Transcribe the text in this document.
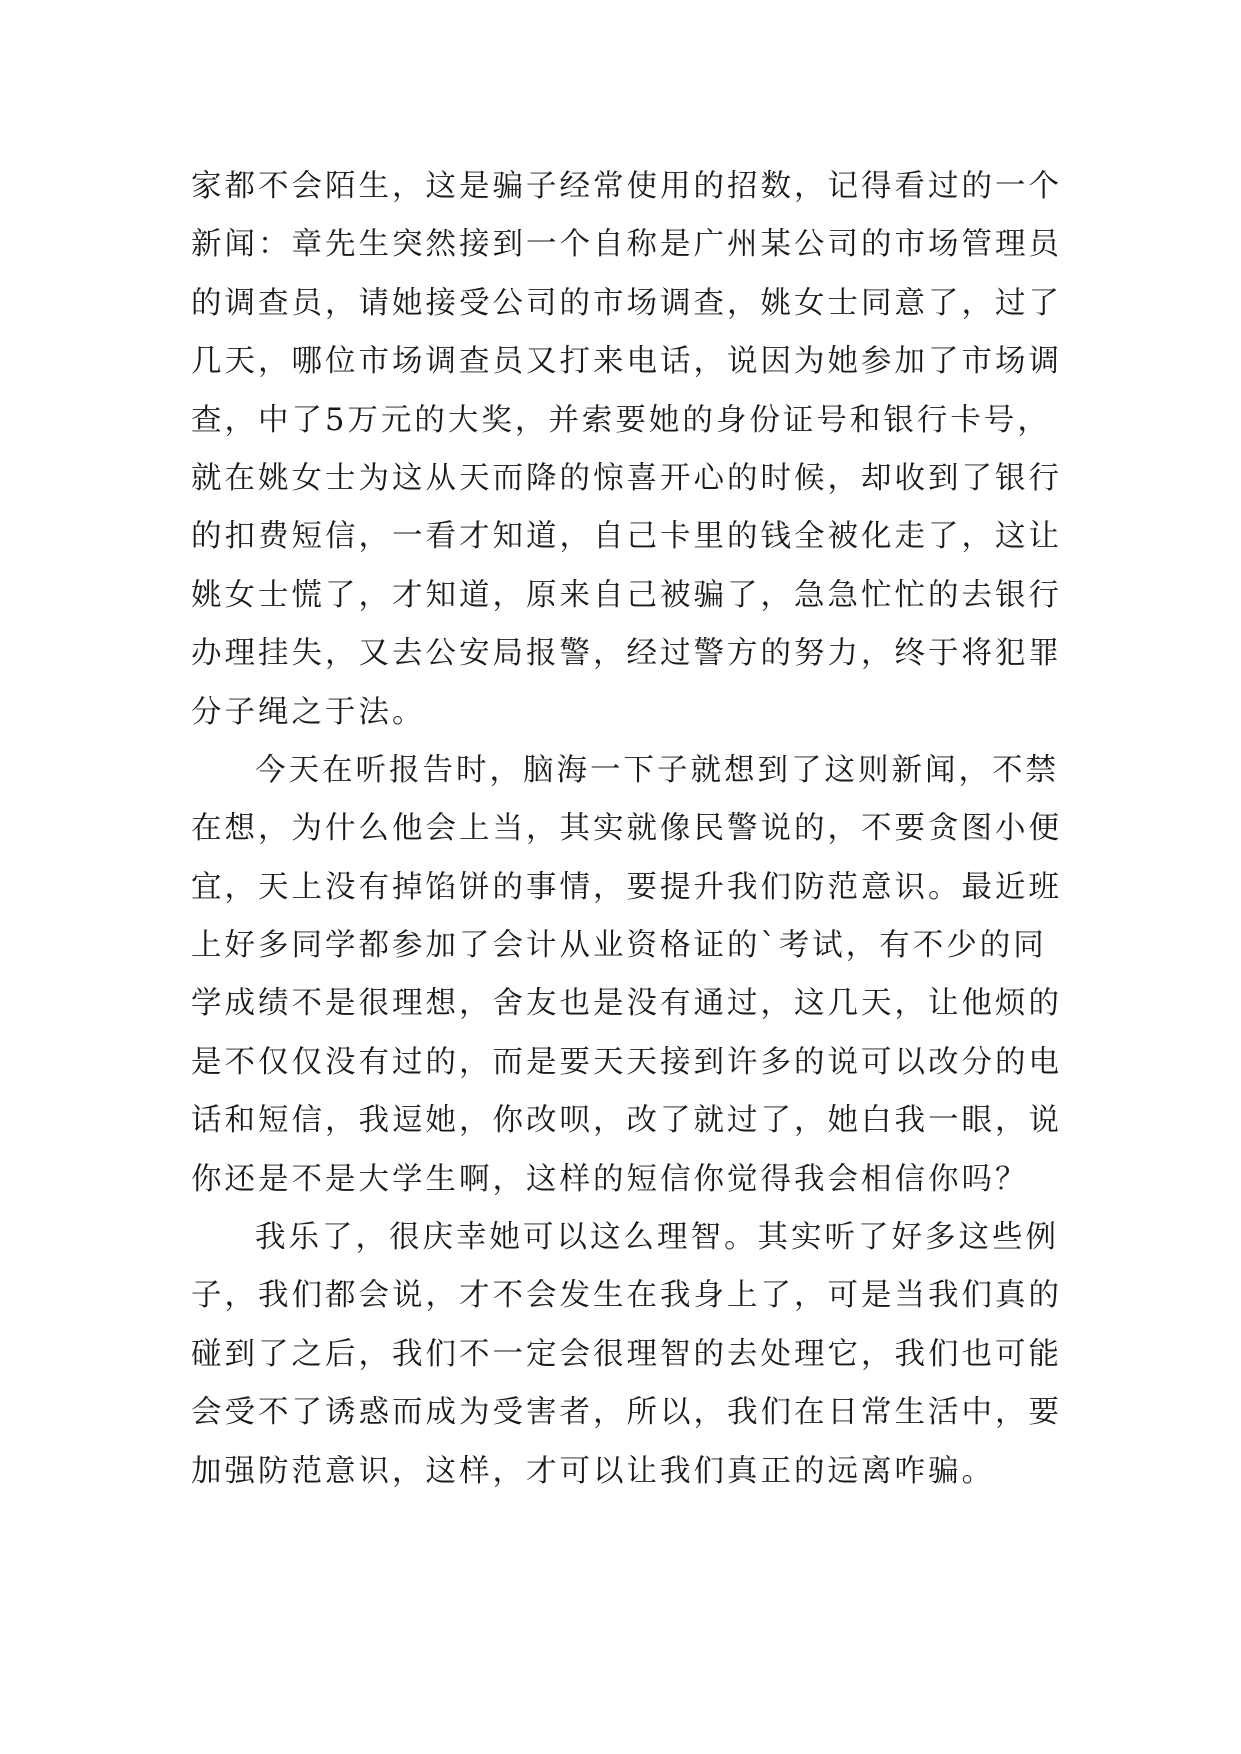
家都不会陌生，这是骗子经常使用的招数，记得看过的一个
新闻：章先生突然接到一个自称是广州某公司的市场管理员
的调查员，请她接受公司的市场调查，姚女士同意了，过了
几天，哪位市场调查员又打来电话，说因为她参加了市场调
查，中了5万元的大奖，并索要她的身份证号和银行卡号，
就在姚女士为这从天而降的惊喜开心的时候，却收到了银行
的扣费短信，一看才知道，自己卡里的钱全被化走了，这让
姚女士慌了，才知道，原来自己被骗了，急急忙忙的去银行
办理挂失，又去公安局报警，经过警方的努力，终于将犯罪
分子绳之于法。
今天在听报告时，脑海一下子就想到了这则新闻，不禁
在想，为什么他会上当，其实就像民警说的，不要贪图小便
宜，天上没有掉馅饼的事情，要提升我们防范意识。最近班
上好多同学都参加了会计从业资格证的`考试，有不少的同
学成绩不是很理想，舍友也是没有通过，这几天，让他烦的
是不仅仅没有过的，而是要天天接到许多的说可以改分的电
话和短信，我逗她，你改呗，改了就过了，她白我一眼，说
你还是不是大学生啊，这样的短信你觉得我会相信你吗？
我乐了，很庆幸她可以这么理智。其实听了好多这些例
子，我们都会说，才不会发生在我身上了，可是当我们真的
碰到了之后，我们不一定会很理智的去处理它，我们也可能
会受不了诱惑而成为受害者，所以，我们在日常生活中，要
加强防范意识，这样，才可以让我们真正的远离咋骗。
